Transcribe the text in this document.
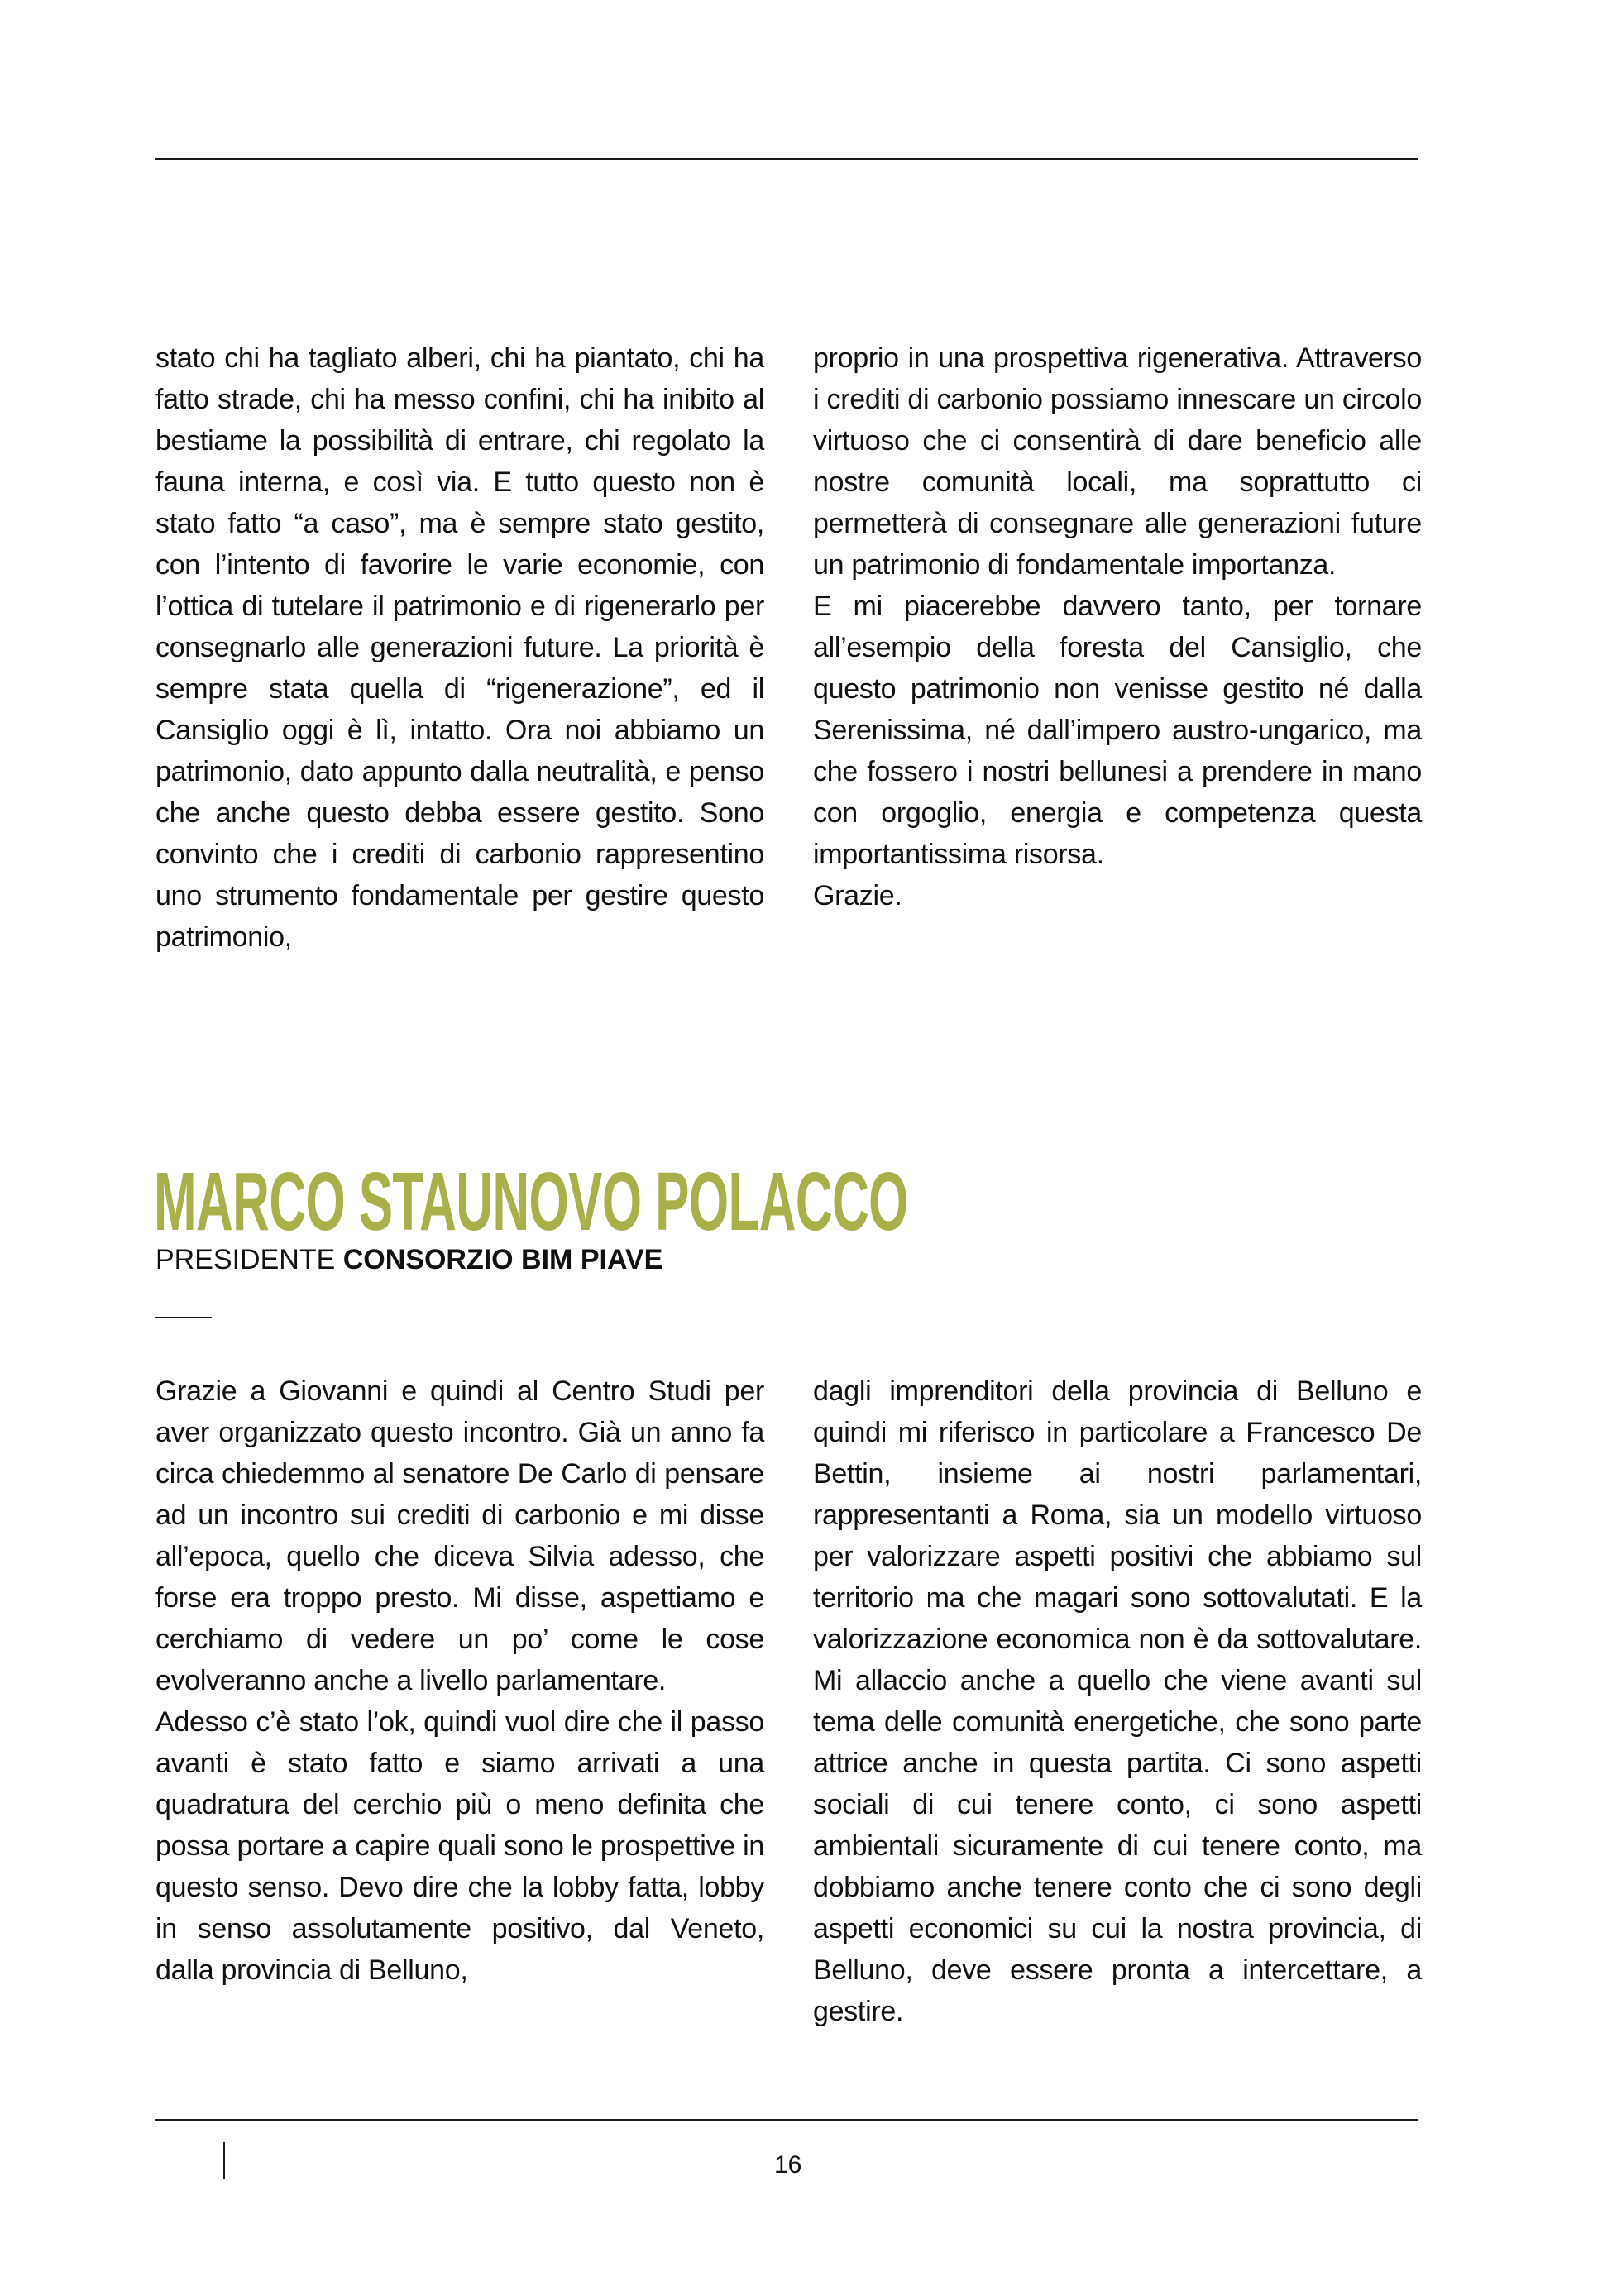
stato chi ha tagliato alberi, chi ha piantato, chi ha fatto strade, chi ha messo confini, chi ha inibito al bestiame la possibilità di entrare, chi regolato la fauna interna, e così via. E tutto questo non è stato fatto “a caso”, ma è sempre stato gestito, con l’intento di favorire le varie economie, con l’ottica di tutelare il patrimonio e di rigenerarlo per consegnarlo alle generazioni future. La priorità è sempre stata quella di “rigenerazione”, ed il Cansiglio oggi è lì, intatto. Ora noi abbiamo un patrimonio, dato appunto dalla neutralità, e penso che anche questo debba essere gestito. Sono convinto che i crediti di carbonio rappresentino uno strumento fondamentale per gestire questo patrimonio,

proprio in una prospettiva rigenerativa. Attraverso i crediti di carbonio possiamo innescare un circolo virtuoso che ci consentirà di dare beneficio alle nostre comunità locali, ma soprattutto ci permetterà di consegnare alle generazioni future un patrimonio di fondamentale importanza.

E mi piacerebbe davvero tanto, per tornare all’esempio della foresta del Cansiglio, che questo patrimonio non venisse gestito né dalla Serenissima, né dall’impero austro-ungarico, ma che fossero i nostri bellunesi a prendere in mano con orgoglio, energia e competenza questa importantissima risorsa.

Grazie.

MARCO STAUNOVO POLACCO
PRESIDENTE CONSORZIO BIM PIAVE

Grazie a Giovanni e quindi al Centro Studi per aver organizzato questo incontro. Già un anno fa circa chiedemmo al senatore De Carlo di pensare ad un incontro sui crediti di carbonio e mi disse all’epoca, quello che diceva Silvia adesso, che forse era troppo presto. Mi disse, aspettiamo e cerchiamo di vedere un po’ come le cose evolveranno anche a livello parlamentare.

Adesso c’è stato l’ok, quindi vuol dire che il passo avanti è stato fatto e siamo arrivati a una quadratura del cerchio più o meno definita che possa portare a capire quali sono le prospettive in questo senso. Devo dire che la lobby fatta, lobby in senso assolutamente positivo, dal Veneto, dalla provincia di Belluno,

dagli imprenditori della provincia di Belluno e quindi mi riferisco in particolare a Francesco De Bettin, insieme ai nostri parlamentari, rappresentanti a Roma, sia un modello virtuoso per valorizzare aspetti positivi che abbiamo sul territorio ma che magari sono sottovalutati. E la valorizzazione economica non è da sottovalutare. Mi allaccio anche a quello che viene avanti sul tema delle comunità energetiche, che sono parte attrice anche in questa partita. Ci sono aspetti sociali di cui tenere conto, ci sono aspetti ambientali sicuramente di cui tenere conto, ma dobbiamo anche tenere conto che ci sono degli aspetti economici su cui la nostra provincia, di Belluno, deve essere pronta a intercettare, a gestire.

16
